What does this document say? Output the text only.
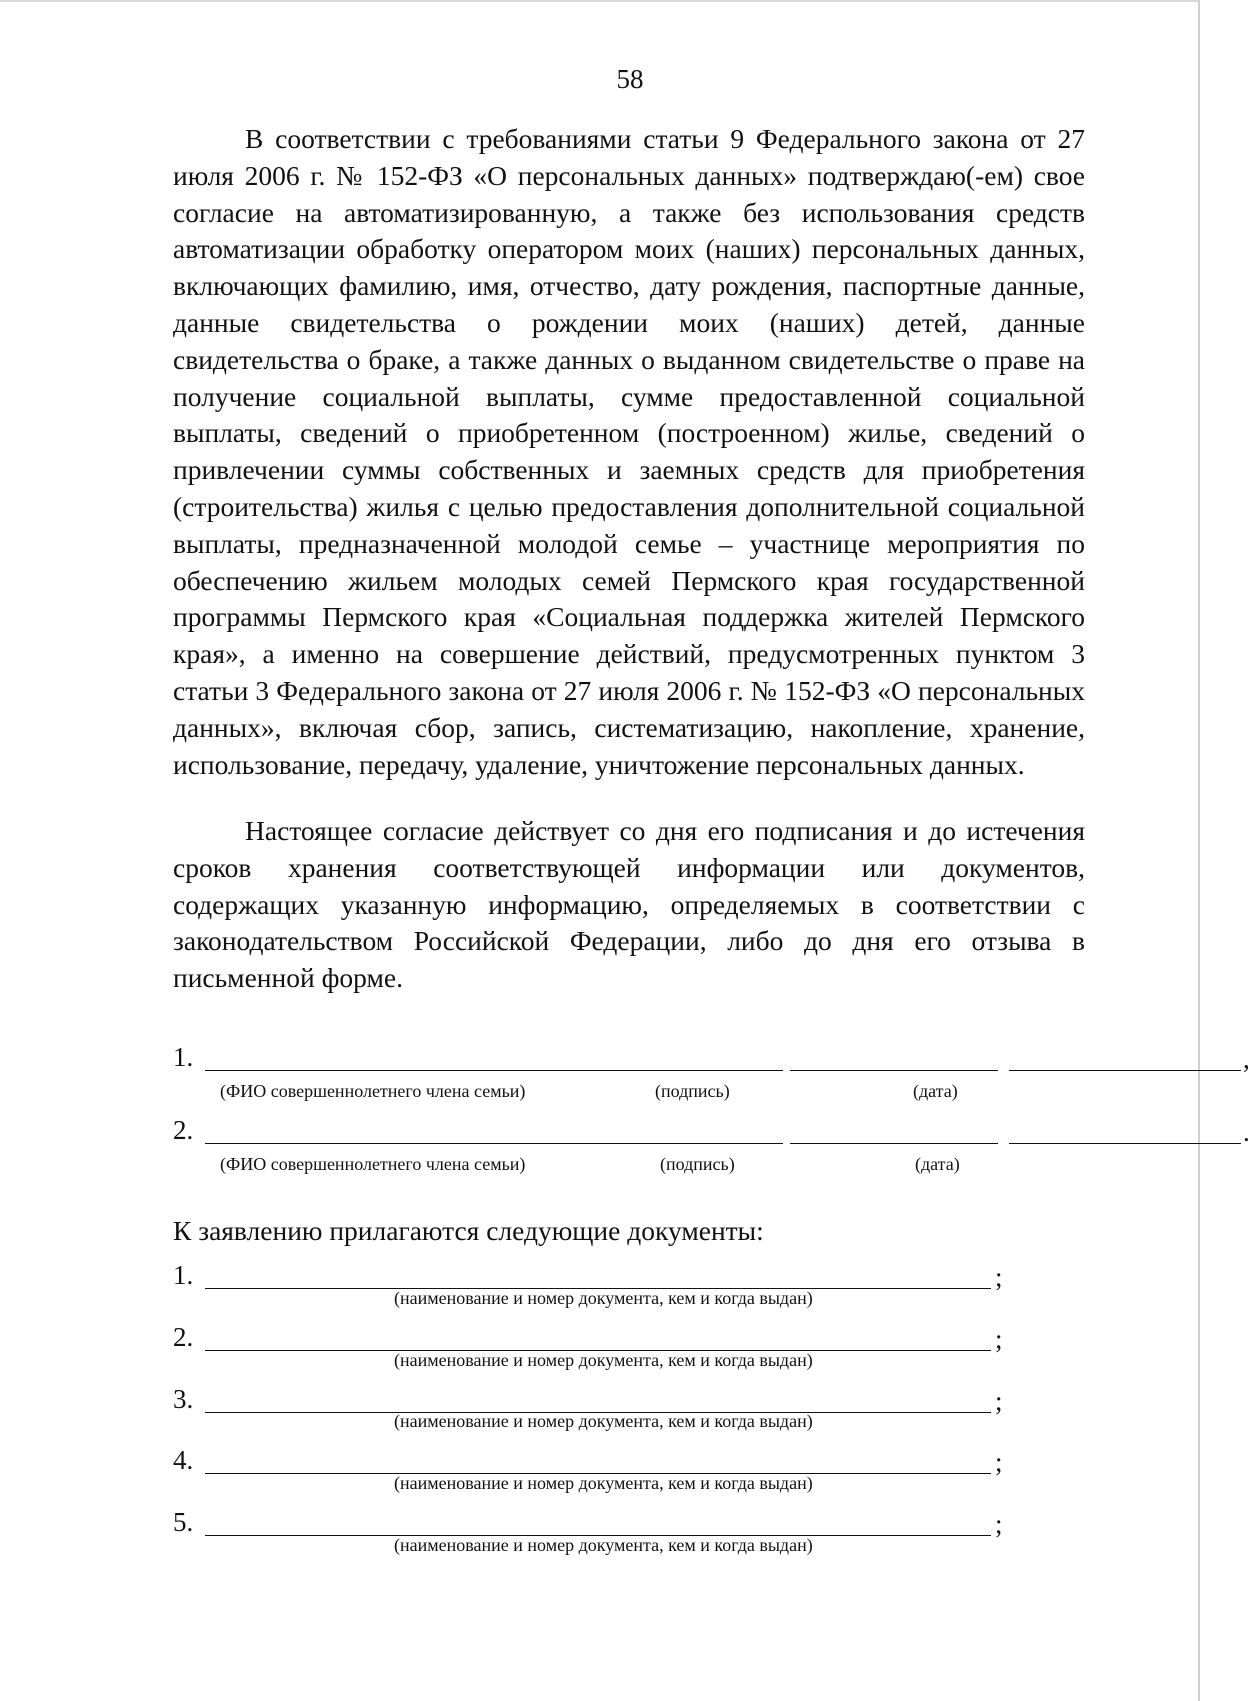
58

В соответствии с требованиями статьи 9 Федерального закона от 27 июля 2006 г. № 152-ФЗ «О персональных данных» подтверждаю(-ем) свое согласие на автоматизированную, а также без использования средств автоматизации обработку оператором моих (наших) персональных данных, включающих фамилию, имя, отчество, дату рождения, паспортные данные, данные свидетельства о рождении моих (наших) детей, данные свидетельства о браке, а также данных о выданном свидетельстве о праве на получение социальной выплаты, сумме предоставленной социальной выплаты, сведений о приобретенном (построенном) жилье, сведений о привлечении суммы собственных и заемных средств для приобретения (строительства) жилья с целью предоставления дополнительной социальной выплаты, предназначенной молодой семье – участнице мероприятия по обеспечению жильем молодых семей Пермского края государственной программы Пермского края «Социальная поддержка жителей Пермского края», а именно на совершение действий, предусмотренных пунктом 3 статьи 3 Федерального закона от 27 июля 2006 г. № 152-ФЗ «О персональных данных», включая сбор, запись, систематизацию, накопление, хранение, использование, передачу, удаление, уничтожение персональных данных.

Настоящее согласие действует со дня его подписания и до истечения сроков хранения соответствующей информации или документов, содержащих указанную информацию, определяемых в соответствии с законодательством Российской Федерации, либо до дня его отзыва в письменной форме.

1.	,
(ФИО совершеннолетнего члена семьи)	(подпись)	(дата)
2.	.
(ФИО совершеннолетнего члена семьи)	(подпись)	(дата)
К заявлению прилагаются следующие документы:
1.	;
(наименование и номер документа, кем и когда выдан)
2.	;
(наименование и номер документа, кем и когда выдан)
3.	;
(наименование и номер документа, кем и когда выдан)
4.	;
(наименование и номер документа, кем и когда выдан)
5.	;
(наименование и номер документа, кем и когда выдан)
